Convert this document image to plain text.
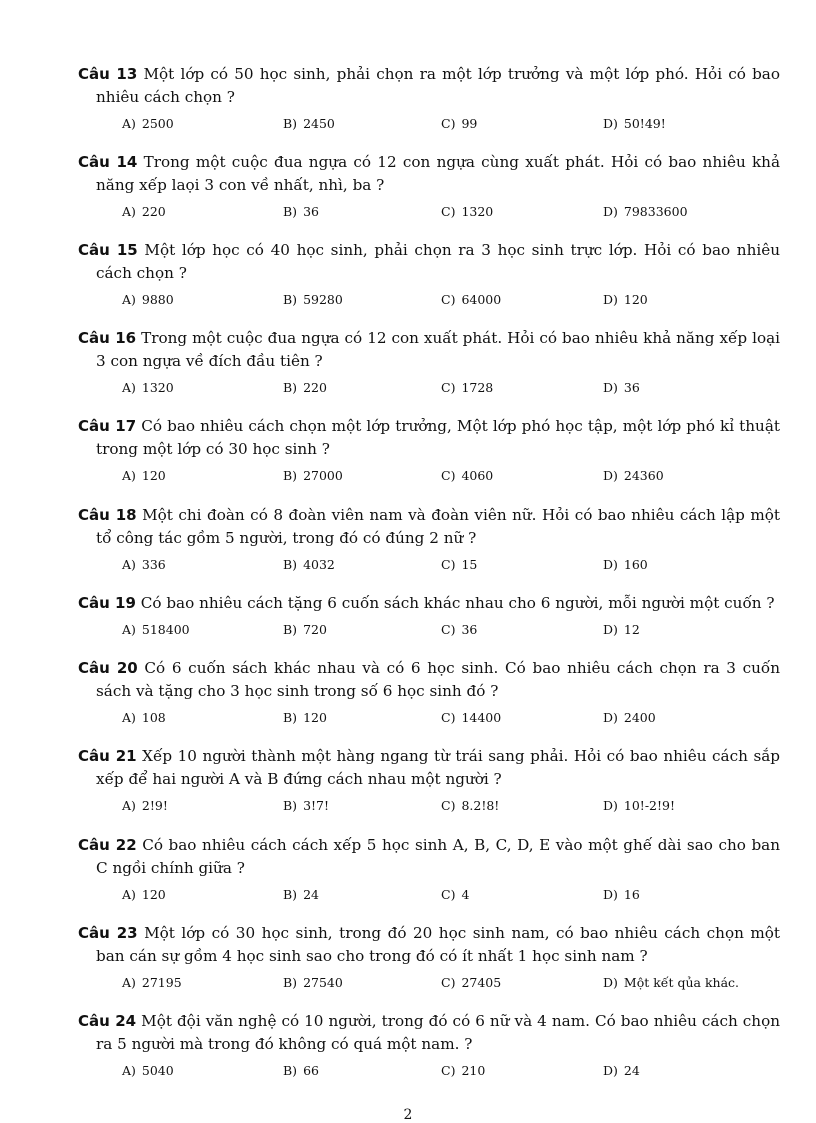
Câu 13 Một lớp có 50 học sinh, phải chọn ra một lớp trưởng và một lớp phó. Hỏi có bao nhiêu cách chọn ?

A) 2500	B) 2450	C) 99	D) 50!49!

Câu 14 Trong một cuộc đua ngựa có 12 con ngựa cùng xuất phát. Hỏi có bao nhiêu khả năng xếp laọi 3 con về nhất, nhì, ba ?

A) 220	B) 36	C) 1320	D) 79833600

Câu 15 Một lớp học có 40 học sinh, phải chọn ra 3 học sinh trực lớp. Hỏi có bao nhiêu cách chọn ?

A) 9880	B) 59280	C) 64000	D) 120

Câu 16 Trong một cuộc đua ngựa có 12 con xuất phát. Hỏi có bao nhiêu khả năng xếp loại 3 con ngựa về đích đầu tiên ?

A) 1320	B) 220	C) 1728	D) 36

Câu 17 Có bao nhiêu cách chọn một lớp trưởng, Một lớp phó học tập, một lớp phó kỉ thuật trong một lớp có 30 học sinh ?

A) 120	B) 27000	C) 4060	D) 24360

Câu 18 Một chi đoàn có 8 đoàn viên nam và đoàn viên nữ. Hỏi có bao nhiêu cách lập một tổ công tác gồm 5 người, trong đó có đúng 2 nữ ?

A) 336	B) 4032	C) 15	D) 160

Câu 19 Có bao nhiêu cách tặng 6 cuốn sách khác nhau cho 6 người, mỗi người một cuốn ?

A) 518400	B) 720	C) 36	D) 12

Câu 20 Có 6 cuốn sách khác nhau và có 6 học sinh. Có bao nhiêu cách chọn ra 3 cuốn sách và tặng cho 3 học sinh trong số 6 học sinh đó ?

A) 108	B) 120	C) 14400	D) 2400

Câu 21 Xếp 10 người thành một hàng ngang từ trái sang phải. Hỏi có bao nhiêu cách sắp xếp để hai người A và B đứng cách nhau một người ?

A) 2!9!	B) 3!7!	C) 8.2!8!	D) 10!-2!9!

Câu 22 Có bao nhiêu cách cách xếp 5 học sinh A, B, C, D, E vào một ghế dài sao cho ban C ngồi chính giữa ?

A) 120	B) 24	C) 4	D) 16

Câu 23 Một lớp có 30 học sinh, trong đó 20 học sinh nam, có bao nhiêu cách chọn một ban cán sự gồm 4 học sinh sao cho trong đó có ít nhất 1 học sinh nam ?

A) 27195	B) 27540	C) 27405	D) Một kết qủa khác.

Câu 24 Một đội văn nghệ có 10 người, trong đó có 6 nữ và 4 nam. Có bao nhiêu cách chọn ra 5 người mà trong đó không có quá một nam. ?

A) 5040	B) 66	C) 210	D) 24
2
